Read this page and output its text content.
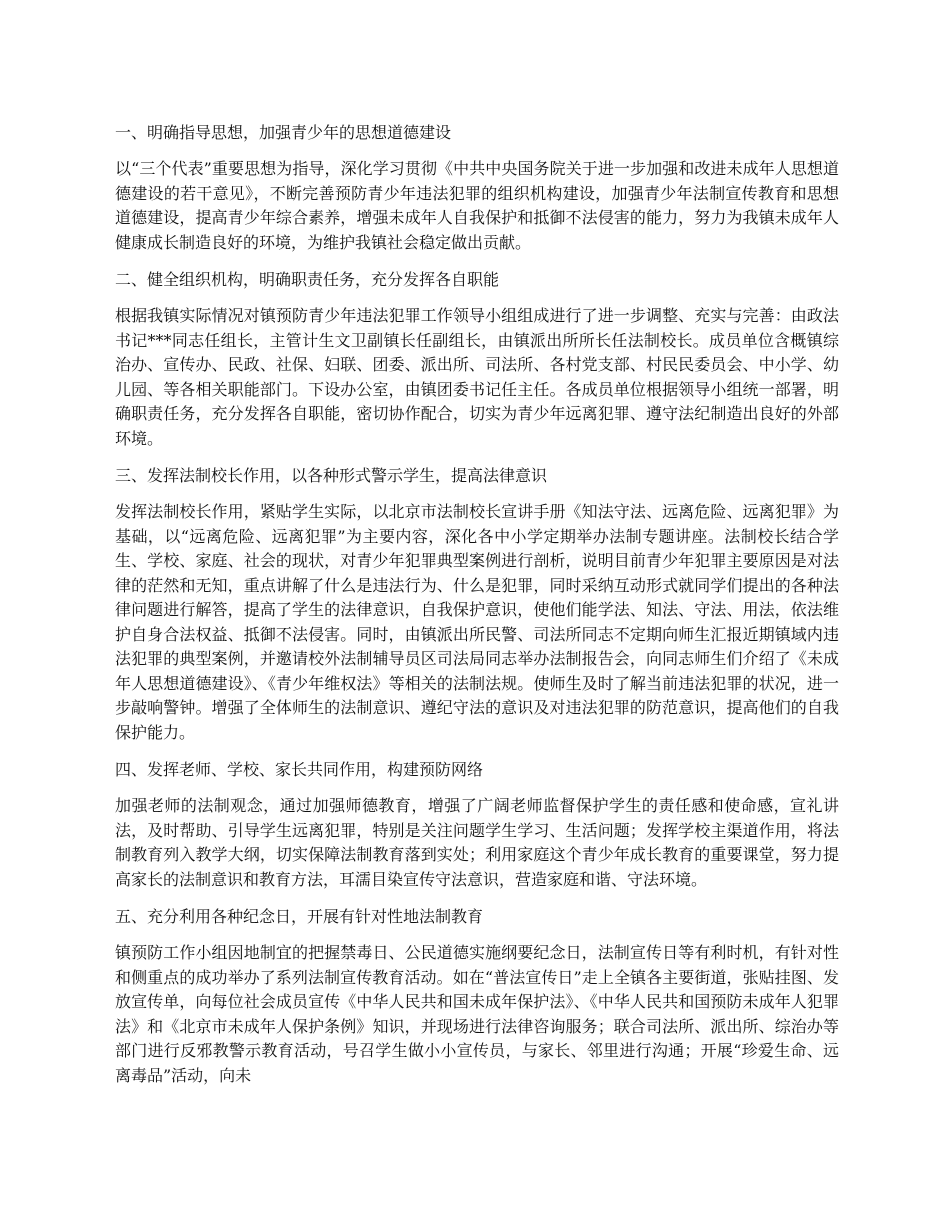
一、明确指导思想，加强青少年的思想道德建设

以“三个代表”重要思想为指导，深化学习贯彻《中共中央国务院关于进一步加强和改进未成年人思想道德建设的若干意见》，不断完善预防青少年违法犯罪的组织机构建设，加强青少年法制宣传教育和思想道德建设，提高青少年综合素养，增强未成年人自我保护和抵御不法侵害的能力，努力为我镇未成年人健康成长制造良好的环境，为维护我镇社会稳定做出贡献。

二、健全组织机构，明确职责任务，充分发挥各自职能

根据我镇实际情况对镇预防青少年违法犯罪工作领导小组组成进行了进一步调整、充实与完善：由政法书记***同志任组长，主管计生文卫副镇长任副组长，由镇派出所所长任法制校长。成员单位含概镇综治办、宣传办、民政、社保、妇联、团委、派出所、司法所、各村党支部、村民民委员会、中小学、幼儿园、等各相关职能部门。下设办公室，由镇团委书记任主任。各成员单位根据领导小组统一部署，明确职责任务，充分发挥各自职能，密切协作配合，切实为青少年远离犯罪、遵守法纪制造出良好的外部环境。

三、发挥法制校长作用，以各种形式警示学生，提高法律意识

发挥法制校长作用，紧贴学生实际，以北京市法制校长宣讲手册《知法守法、远离危险、远离犯罪》为基础，以“远离危险、远离犯罪”为主要内容，深化各中小学定期举办法制专题讲座。法制校长结合学生、学校、家庭、社会的现状，对青少年犯罪典型案例进行剖析，说明目前青少年犯罪主要原因是对法律的茫然和无知，重点讲解了什么是违法行为、什么是犯罪，同时采纳互动形式就同学们提出的各种法律问题进行解答，提高了学生的法律意识，自我保护意识，使他们能学法、知法、守法、用法，依法维护自身合法权益、抵御不法侵害。同时，由镇派出所民警、司法所同志不定期向师生汇报近期镇域内违法犯罪的典型案例，并邀请校外法制辅导员区司法局同志举办法制报告会，向同志师生们介绍了《未成年人思想道德建设》、《青少年维权法》等相关的法制法规。使师生及时了解当前违法犯罪的状况，进一步敲响警钟。增强了全体师生的法制意识、遵纪守法的意识及对违法犯罪的防范意识，提高他们的自我保护能力。

四、发挥老师、学校、家长共同作用，构建预防网络

加强老师的法制观念，通过加强师德教育，增强了广阔老师监督保护学生的责任感和使命感，宣礼讲法，及时帮助、引导学生远离犯罪，特别是关注问题学生学习、生活问题；发挥学校主渠道作用，将法制教育列入教学大纲，切实保障法制教育落到实处；利用家庭这个青少年成长教育的重要课堂，努力提高家长的法制意识和教育方法，耳濡目染宣传守法意识，营造家庭和谐、守法环境。

五、充分利用各种纪念日，开展有针对性地法制教育

镇预防工作小组因地制宜的把握禁毒日、公民道德实施纲要纪念日，法制宣传日等有利时机，有针对性和侧重点的成功举办了系列法制宣传教育活动。如在“普法宣传日”走上全镇各主要街道，张贴挂图、发放宣传单，向每位社会成员宣传《中华人民共和国未成年保护法》、《中华人民共和国预防未成年人犯罪法》和《北京市未成年人保护条例》知识，并现场进行法律咨询服务；联合司法所、派出所、综治办等部门进行反邪教警示教育活动，号召学生做小小宣传员，与家长、邻里进行沟通；开展“珍爱生命、远离毒品”活动，向未
